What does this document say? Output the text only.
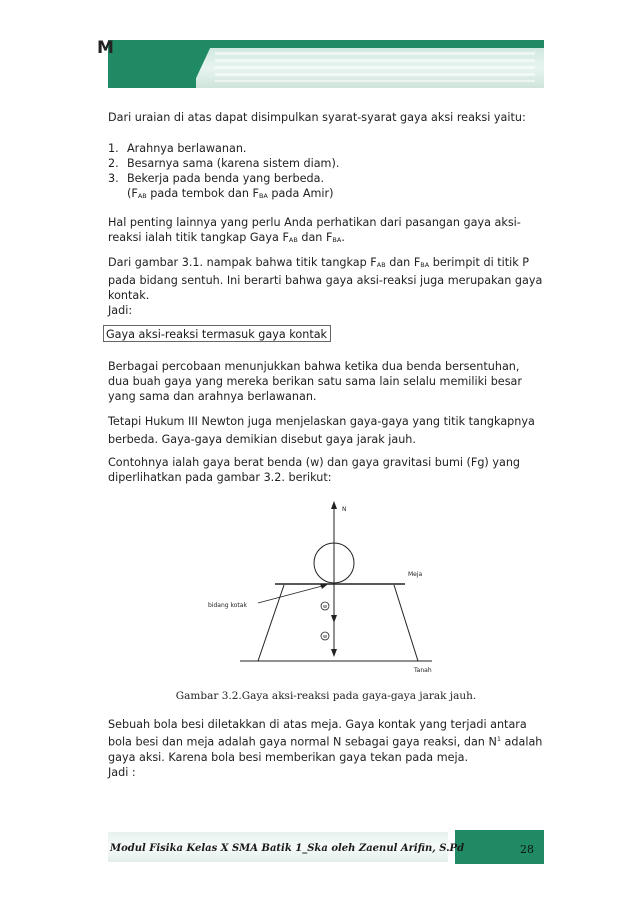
M
Dari uraian di atas dapat disimpulkan syarat-syarat gaya aksi reaksi yaitu:
1. Arahnya berlawanan.
2. Besarnya sama (karena sistem diam).
3. Bekerja pada benda yang berbeda.
($F_{AB}$ pada tembok dan $F_{BA}$ pada Amir)
Hal penting lainnya yang perlu Anda perhatikan dari pasangan gaya aksi-reaksi ialah titik tangkap Gaya $F_{AB}$ dan $F_{BA}$.
Dari gambar 3.1. nampak bahwa titik tangkap $F_{AB}$ dan $F_{BA}$ berimpit di titik P pada bidang sentuh. Ini berarti bahwa gaya aksi-reaksi juga merupakan gaya kontak.
Jadi:
Gaya aksi-reaksi termasuk gaya kontak
Berbagai percobaan menunjukkan bahwa ketika dua benda bersentuhan, dua buah gaya yang mereka berikan satu sama lain selalu memiliki besar yang sama dan arahnya berlawanan.
Tetapi Hukum III Newton juga menjelaskan gaya-gaya yang titik tangkapnya berbeda. Gaya-gaya demikian disebut gaya jarak jauh.
Contohnya ialah gaya berat benda (w) dan gaya gravitasi bumi (Fg) yang diperlihatkan pada gambar 3.2. berikut:
N
Meja
Tanah
w
w
bidang kotak
Gambar 3.2.Gaya aksi-reaksi pada gaya-gaya jarak jauh.
Sebuah bola besi diletakkan di atas meja. Gaya kontak yang terjadi antara bola besi dan meja adalah gaya normal N sebagai gaya reaksi, dan $N^1$ adalah gaya aksi. Karena bola besi memberikan gaya tekan pada meja.
Jadi :
Modul Fisika Kelas X SMA Batik 1_Ska oleh Zaenul Arifin, S.Pd	28
